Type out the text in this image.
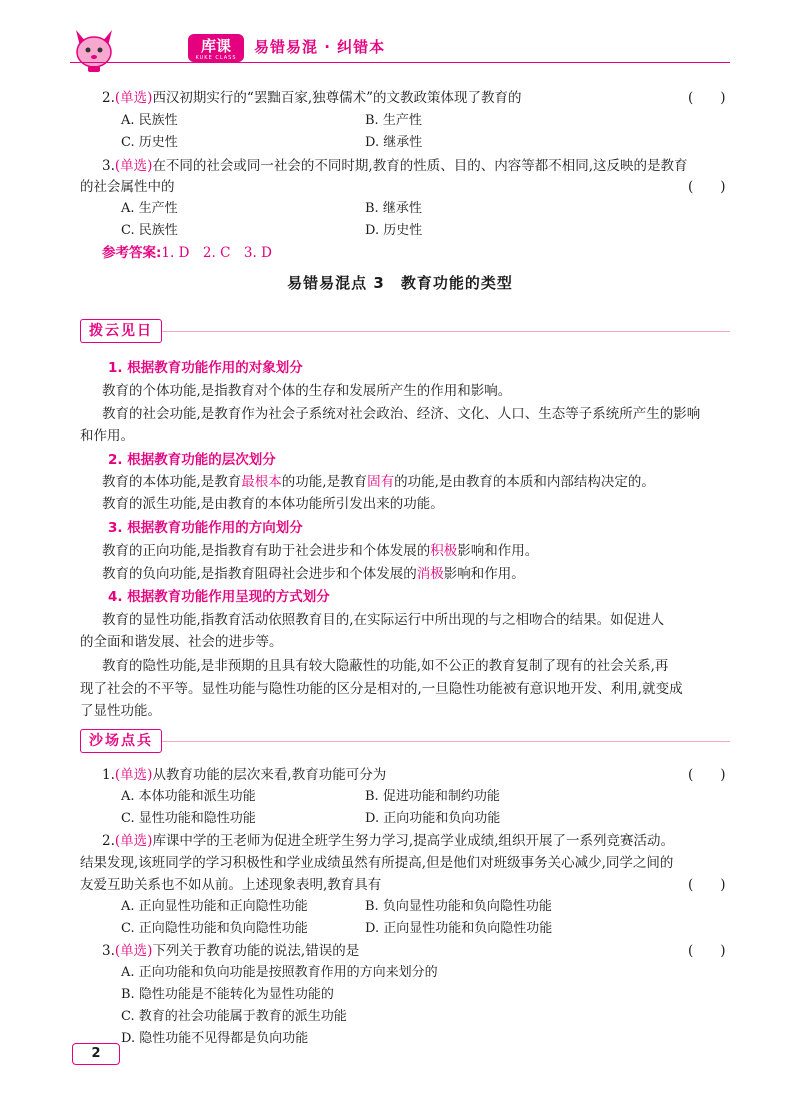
库课
KUKE CLASS
易错易混 · 纠错本
2.(单选)西汉初期实行的“罢黜百家,独尊儒术”的文教政策体现了教育的	(　　)
A. 民族性	B. 生产性
C. 历史性	D. 继承性
3.(单选)在不同的社会或同一社会的不同时期,教育的性质、目的、内容等都不相同,这反映的是教育
的社会属性中的	(　　)
A. 生产性	B. 继承性
C. 民族性	D. 历史性
参考答案:1. D　2. C　3. D
易错易混点 3　教育功能的类型
拨云见日
1. 根据教育功能作用的对象划分
教育的个体功能,是指教育对个体的生存和发展所产生的作用和影响。
教育的社会功能,是教育作为社会子系统对社会政治、经济、文化、人口、生态等子系统所产生的影响
和作用。
2. 根据教育功能的层次划分
教育的本体功能,是教育最根本的功能,是教育固有的功能,是由教育的本质和内部结构决定的。
教育的派生功能,是由教育的本体功能所引发出来的功能。
3. 根据教育功能作用的方向划分
教育的正向功能,是指教育有助于社会进步和个体发展的积极影响和作用。
教育的负向功能,是指教育阻碍社会进步和个体发展的消极影响和作用。
4. 根据教育功能作用呈现的方式划分
教育的显性功能,指教育活动依照教育目的,在实际运行中所出现的与之相吻合的结果。如促进人
的全面和谐发展、社会的进步等。
教育的隐性功能,是非预期的且具有较大隐蔽性的功能,如不公正的教育复制了现有的社会关系,再
现了社会的不平等。显性功能与隐性功能的区分是相对的,一旦隐性功能被有意识地开发、利用,就变成
了显性功能。
沙场点兵
1.(单选)从教育功能的层次来看,教育功能可分为	(　　)
A. 本体功能和派生功能	B. 促进功能和制约功能
C. 显性功能和隐性功能	D. 正向功能和负向功能
2.(单选)库课中学的王老师为促进全班学生努力学习,提高学业成绩,组织开展了一系列竞赛活动。
结果发现,该班同学的学习积极性和学业成绩虽然有所提高,但是他们对班级事务关心减少,同学之间的
友爱互助关系也不如从前。上述现象表明,教育具有	(　　)
A. 正向显性功能和正向隐性功能	B. 负向显性功能和负向隐性功能
C. 正向隐性功能和负向隐性功能	D. 正向显性功能和负向隐性功能
3.(单选)下列关于教育功能的说法,错误的是	(　　)
A. 正向功能和负向功能是按照教育作用的方向来划分的
B. 隐性功能是不能转化为显性功能的
C. 教育的社会功能属于教育的派生功能
D. 隐性功能不见得都是负向功能
2
